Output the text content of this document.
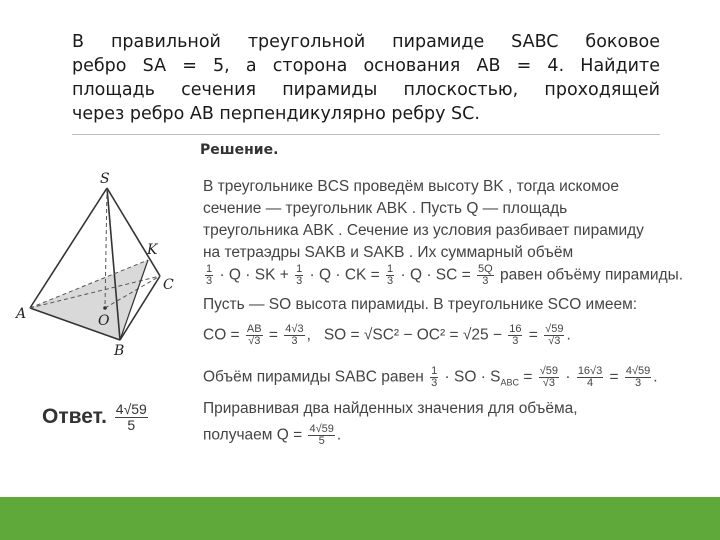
В правильной треугольной пирамиде SABC боковое
ребро SA = 5, а сторона основания AB = 4. Найдите
площадь сечения пирамиды плоскостью, проходящей
через ребро AB перпендикулярно ребру SC.
S
K
C
A	O
B
Решение.
В треугольнике BCS проведём высоту BK , тогда искомое
сечение — треугольник ABK . Пусть Q — площадь
треугольника ABK . Сечение из условия разбивает пирамиду
на тетраэдры SAKB и SAKB . Их суммарный объём
$\frac{1}{3} \cdot Q$ · SK + $\frac{1}{3} \cdot Q$ · CK = $\frac{1}{3} \cdot Q$ · SC = $\frac{5Q}{3}$ равен объёму пирамиды.
Пусть — SO высота пирамиды. В треугольнике SCO имеем:
CO = $\frac{AB}{√3} = \frac{4√3}{3}$ , SO = $√SC^2 - OC^2 = √25 - \frac{16}{3} = \frac{√59}{√3}$ .
Объём пирамиды SABC равен $\frac{1}{3}$ · SO · $S_{ABC} = \frac{√59}{√3} \cdot \frac{16√3}{4} = \frac{4√59}{3}$ .
Приравнивая два найденных значения для объёма,
получаем $Q = \frac{4√59}{5}$ .
Ответ. $\frac{4√59}{5}$
